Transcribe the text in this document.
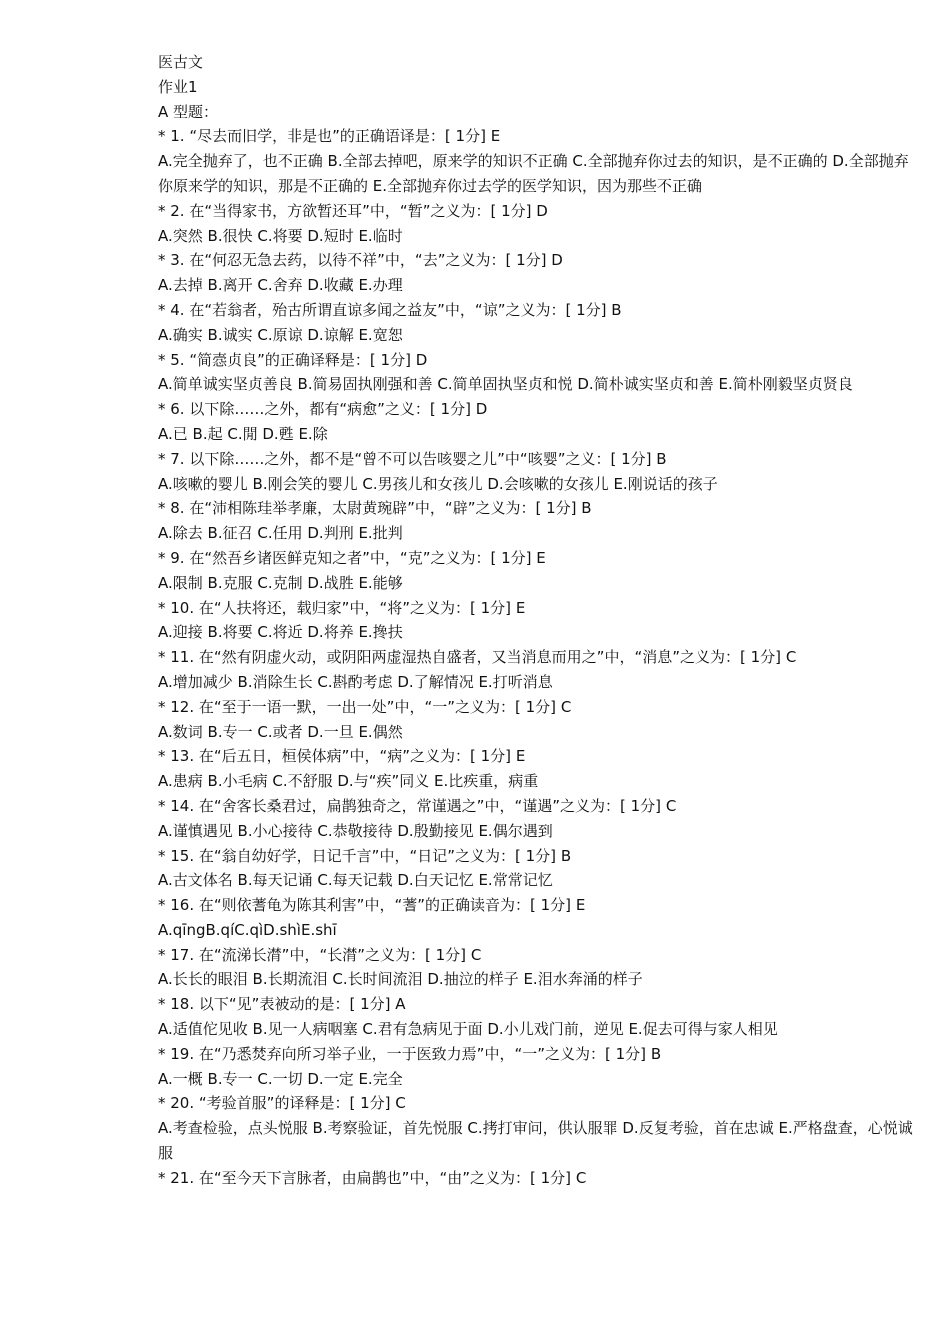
医古文
作业1
A 型题：
* 1. “尽去而旧学，非是也”的正确语译是：[ 1分] E
A.完全抛弃了，也不正确 B.全部去掉吧，原来学的知识不正确 C.全部抛弃你过去的知识，是不正确的 D.全部抛弃你原来学的知识，那是不正确的 E.全部抛弃你过去学的医学知识，因为那些不正确
* 2. 在“当得家书，方欲暂还耳”中，“暂”之义为：[ 1分] D
A.突然 B.很快 C.将要 D.短时 E.临时
* 3. 在“何忍无急去药，以待不祥”中，“去”之义为：[ 1分] D
A.去掉 B.离开 C.舍弃 D.收藏 E.办理
* 4. 在“若翁者，殆古所谓直谅多闻之益友”中，“谅”之义为：[ 1分] B
A.确实 B.诚实 C.原谅 D.谅解 E.宽恕
* 5. “简悫贞良”的正确译释是：[ 1分] D
A.简单诚实坚贞善良 B.简易固执刚强和善 C.简单固执坚贞和悦 D.简朴诚实坚贞和善 E.简朴刚毅坚贞贤良
* 6. 以下除……之外，都有“病愈”之义：[ 1分] D
A.已 B.起 C.閒 D.甦 E.除
* 7. 以下除……之外，都不是“曾不可以告咳婴之儿”中“咳婴”之义：[ 1分] B
A.咳嗽的婴儿 B.刚会笑的婴儿 C.男孩儿和女孩儿 D.会咳嗽的女孩儿 E.刚说话的孩子
* 8. 在“沛相陈珪举孝廉，太尉黄琬辟”中，“辟”之义为：[ 1分] B
A.除去 B.征召 C.任用 D.判刑 E.批判
* 9. 在“然吾乡诸医鲜克知之者”中，“克”之义为：[ 1分] E
A.限制 B.克服 C.克制 D.战胜 E.能够
* 10. 在“人扶将还，载归家”中，“将”之义为：[ 1分] E
A.迎接 B.将要 C.将近 D.将养 E.搀扶
* 11. 在“然有阴虚火动，或阴阳两虚湿热自盛者，又当消息而用之”中，“消息”之义为：[ 1分] C
A.增加减少 B.消除生长 C.斟酌考虑 D.了解情况 E.打听消息
* 12. 在“至于一语一默，一出一处”中，“一”之义为：[ 1分] C
A.数词 B.专一 C.或者 D.一旦 E.偶然
* 13. 在“后五日，桓侯体病”中，“病”之义为：[ 1分] E
A.患病 B.小毛病 C.不舒服 D.与“疾”同义 E.比疾重，病重
* 14. 在“舍客长桑君过，扁鹊独奇之，常谨遇之”中，“谨遇”之义为：[ 1分] C
A.谨慎遇见 B.小心接待 C.恭敬接待 D.殷勤接见 E.偶尔遇到
* 15. 在“翁自幼好学，日记千言”中，“日记”之义为：[ 1分] B
A.古文体名 B.每天记诵 C.每天记载 D.白天记忆 E.常常记忆
* 16. 在“则依蓍龟为陈其利害”中，“蓍”的正确读音为：[ 1分] E
A.qīngB.qíC.qìD.shìE.shī
* 17. 在“流涕长潸”中，“长潸”之义为：[ 1分] C
A.长长的眼泪 B.长期流泪 C.长时间流泪 D.抽泣的样子 E.泪水奔涌的样子
* 18. 以下“见”表被动的是：[ 1分] A
A.适值佗见收 B.见一人病咽塞 C.君有急病见于面 D.小儿戏门前，逆见 E.促去可得与家人相见
* 19. 在“乃悉焚弃向所习举子业，一于医致力焉”中，“一”之义为：[ 1分] B
A.一概 B.专一 C.一切 D.一定 E.完全
* 20. “考验首服”的译释是：[ 1分] C
A.考查检验，点头悦服 B.考察验证，首先悦服 C.拷打审问，供认服罪 D.反复考验，首在忠诚 E.严格盘查，心悦诚服
* 21. 在“至今天下言脉者，由扁鹊也”中，“由”之义为：[ 1分] C
